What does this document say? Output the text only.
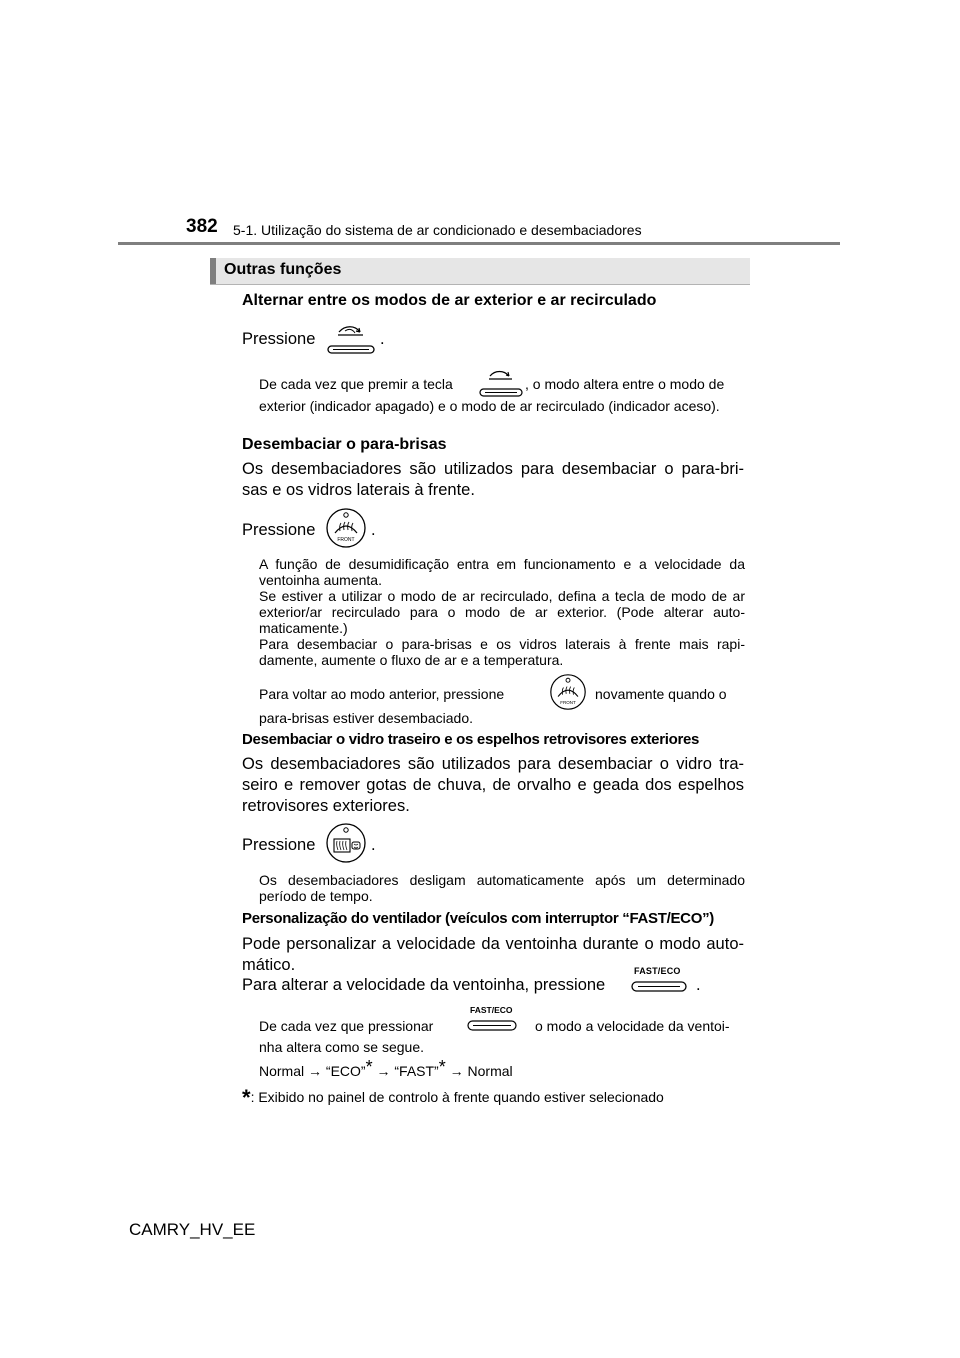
382 5-1. Utilização do sistema de ar condicionado e desembaciadores
Outras funções
Alternar entre os modos de ar exterior e ar recirculado
Pressione	.
De cada vez que premir a tecla	, o modo altera entre o modo de
exterior (indicador apagado) e o modo de ar recirculado (indicador aceso).
Desembaciar o para-brisas
Os desembaciadores são utilizados para desembaciar o para-bri-sas e os vidros laterais à frente.
Pressione
FRONT
.
A função de desumidificação entra em funcionamento e a velocidade da ventoinha aumenta.
Se estiver a utilizar o modo de ar recirculado, defina a tecla de modo de ar exterior/ar recirculado para o modo de ar exterior. (Pode alterar auto-maticamente.)
Para desembaciar o para-brisas e os vidros laterais à frente mais rapi-damente, aumente o fluxo de ar e a temperatura.
Para voltar ao modo anterior, pressione
FRONT
novamente quando o
para-brisas estiver desembaciado.
Desembaciar o vidro traseiro e os espelhos retrovisores exteriores
Os desembaciadores são utilizados para desembaciar o vidro tra-seiro e remover gotas de chuva, de orvalho e geada dos espelhos retrovisores exteriores.
Pressione	.
Os desembaciadores desligam automaticamente após um determinado período de tempo.
Personalização do ventilador (veículos com interruptor “FAST/ECO”)
Pode personalizar a velocidade da ventoinha durante o modo auto-mático.
Para alterar a velocidade da ventoinha, pressione
FAST/ECO
.
De cada vez que pressionar
FAST/ECO
o modo a velocidade da ventoi-
nha altera como se segue.
Normal → “ECO”* → “FAST”* → Normal
*: Exibido no painel de controlo à frente quando estiver selecionado
CAMRY_HV_EE
